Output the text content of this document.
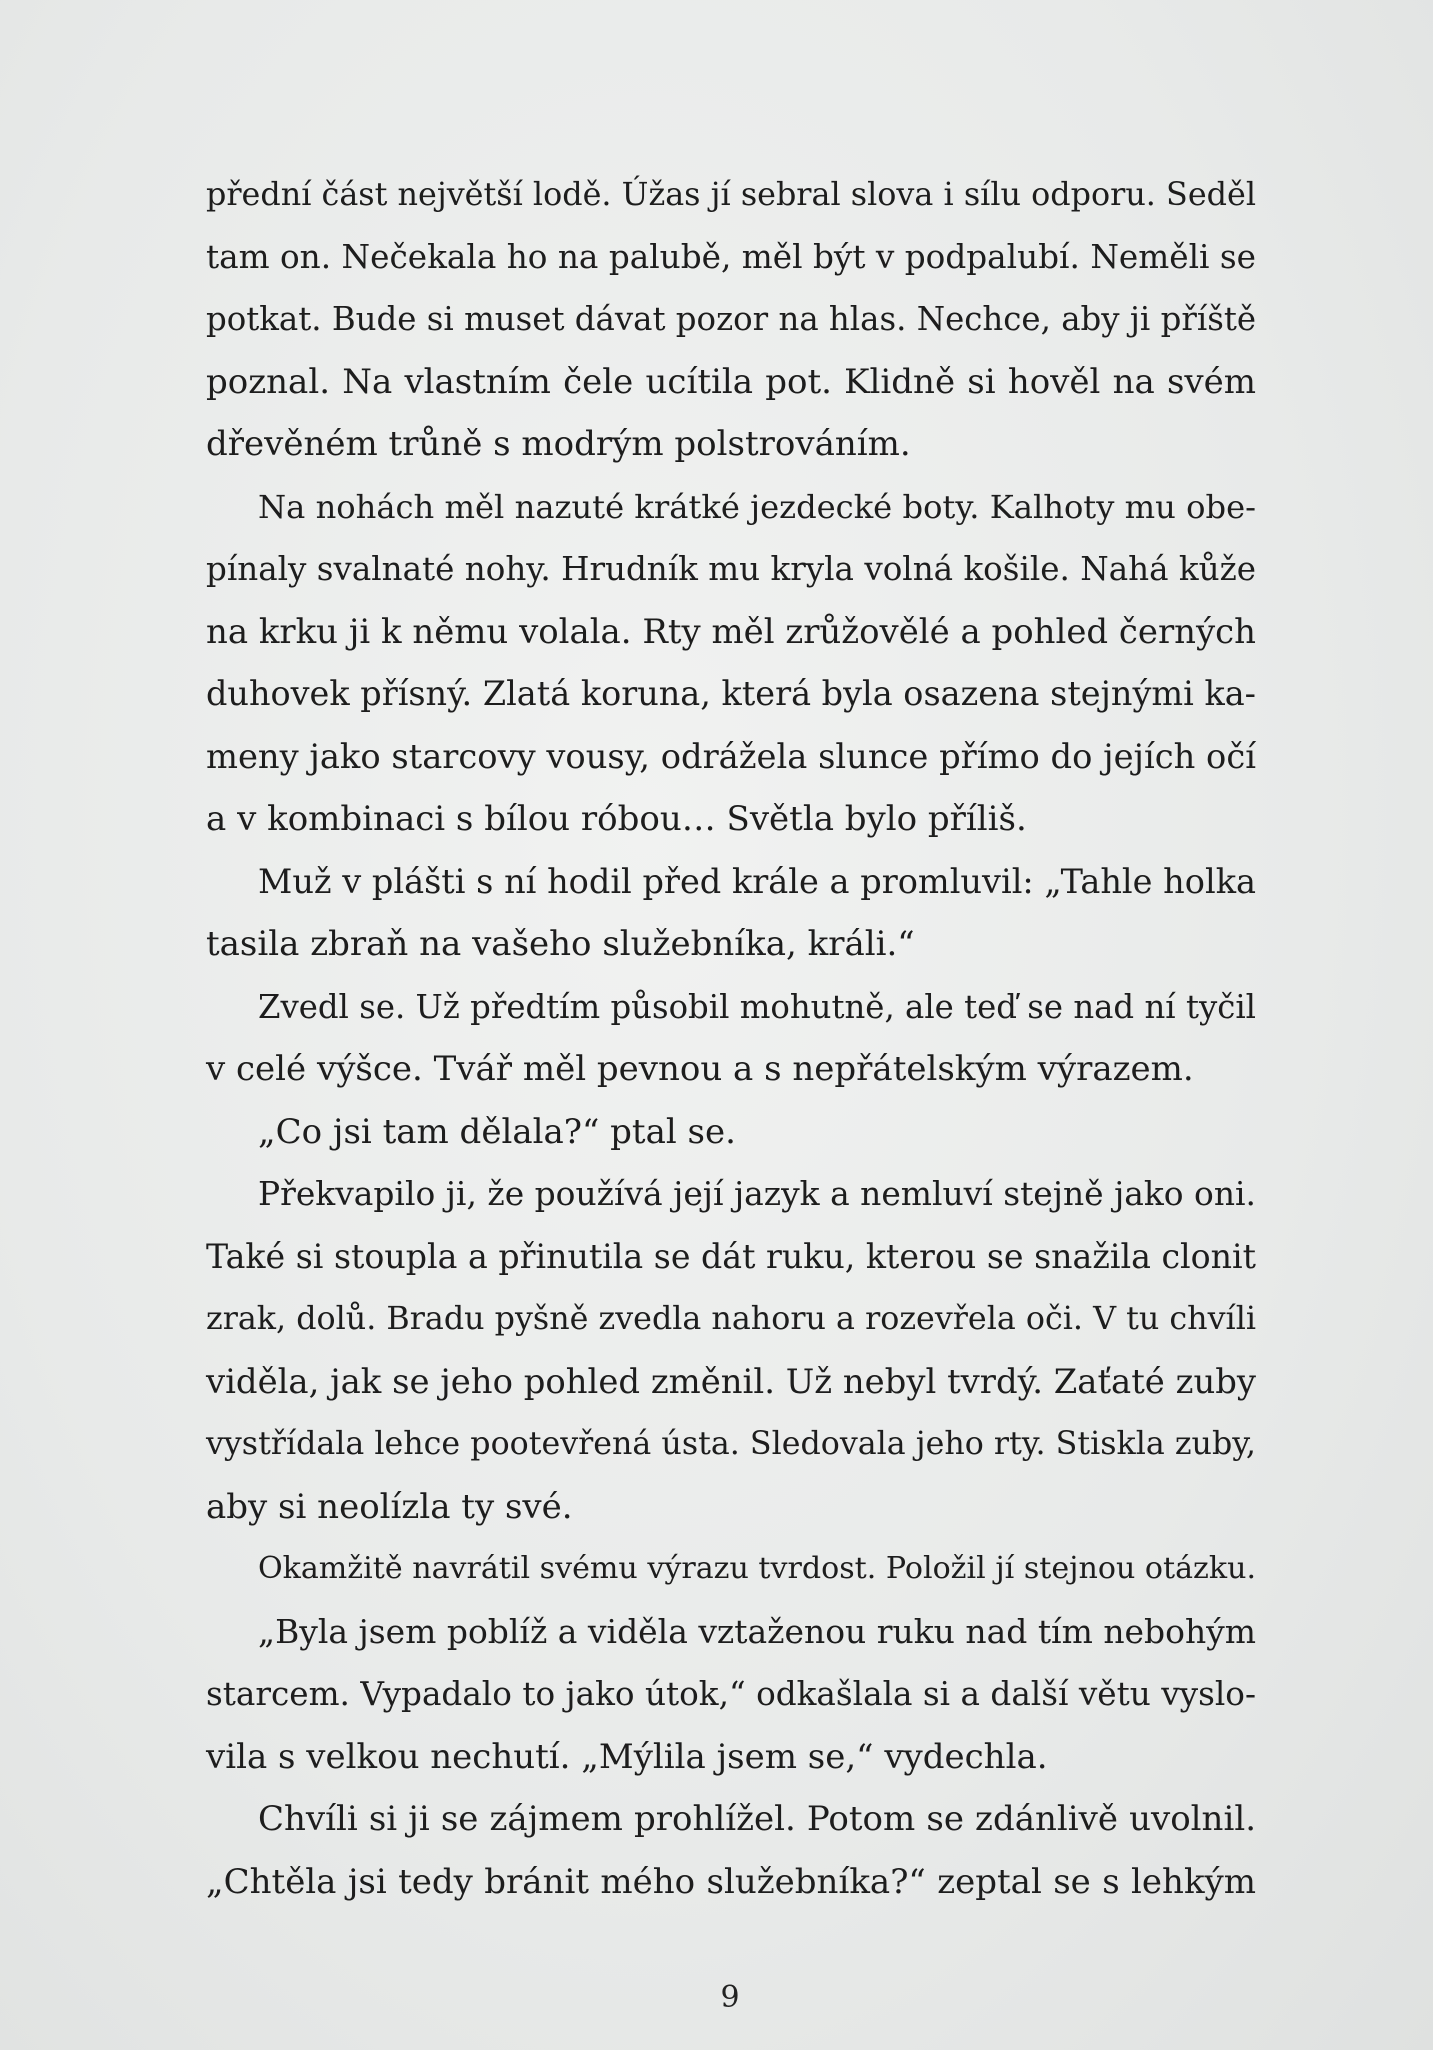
přední část největší lodě. Úžas jí sebral slova i sílu odporu. Seděl
tam on. Nečekala ho na palubě, měl být v podpalubí. Neměli se
potkat. Bude si muset dávat pozor na hlas. Nechce, aby ji příště
poznal. Na vlastním čele ucítila pot. Klidně si hověl na svém
dřevěném trůně s modrým polstrováním.
Na nohách měl nazuté krátké jezdecké boty. Kalhoty mu obe-
pínaly svalnaté nohy. Hrudník mu kryla volná košile. Nahá kůže
na krku ji k němu volala. Rty měl zrůžovělé a pohled černých
duhovek přísný. Zlatá koruna, která byla osazena stejnými ka-
meny jako starcovy vousy, odrážela slunce přímo do jejích očí
a v kombinaci s bílou róbou… Světla bylo příliš.
Muž v plášti s ní hodil před krále a promluvil: „Tahle holka
tasila zbraň na vašeho služebníka, králi.“
Zvedl se. Už předtím působil mohutně, ale teď se nad ní tyčil
v celé výšce. Tvář měl pevnou a s nepřátelským výrazem.
„Co jsi tam dělala?“ ptal se.
Překvapilo ji, že používá její jazyk a nemluví stejně jako oni.
Také si stoupla a přinutila se dát ruku, kterou se snažila clonit
zrak, dolů. Bradu pyšně zvedla nahoru a rozevřela oči. V tu chvíli
viděla, jak se jeho pohled změnil. Už nebyl tvrdý. Zaťaté zuby
vystřídala lehce pootevřená ústa. Sledovala jeho rty. Stiskla zuby,
aby si neolízla ty své.
Okamžitě navrátil svému výrazu tvrdost. Položil jí stejnou otázku.
„Byla jsem poblíž a viděla vztaženou ruku nad tím nebohým
starcem. Vypadalo to jako útok,“ odkašlala si a další větu vyslo-
vila s velkou nechutí. „Mýlila jsem se,“ vydechla.
Chvíli si ji se zájmem prohlížel. Potom se zdánlivě uvolnil.
„Chtěla jsi tedy bránit mého služebníka?“ zeptal se s lehkým
9
